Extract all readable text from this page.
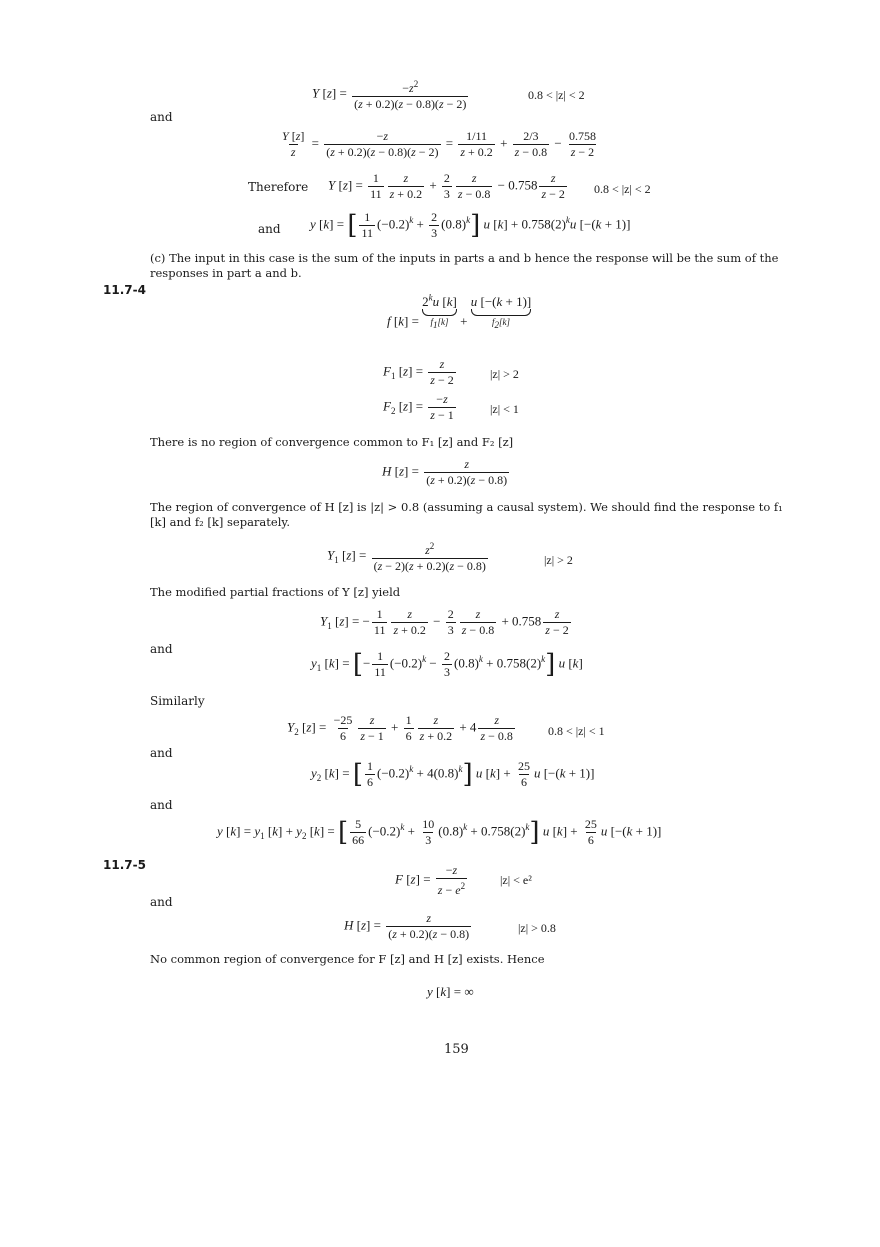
Y $[z] = \frac{-z^2}{(z + 0.2)(z - 0.8)(z - 2)}$	0.8 < |z| < 2
and
$\frac{Y [z]}{z} = \frac{-z}{(z + 0.2)(z - 0.8)(z - 2)} = \frac{1/11}{z + 0.2} + \frac{2/3}{z - 0.8} - \frac{0.758}{z - 2}$
Therefore Y $[z] = \frac{1}{11} \frac{z}{z + 0.2} + \frac{2}{3} \frac{z}{z - 0.8} - 0.758 \frac{z}{z - 2} 0.8 < |z| < 2$
and y [k] = [ $\frac{1}{11} (-0.2)^k + \frac{2}{3} (0.8)^k$] u $[k] + 0.758(2)^ku$ [−(k + 1)]
(c) The input in this case is the sum of the inputs in parts a and b hence the response will be the sum of the responses in part a and b.
11.7-4
f $[k] = 2^ku$ [k]
$f_1[k] + u$ [−(k + 1)]
$f_2[k]$
$F_1$ $[z] = \frac{z}{z - 2}$	|z| > 2
$F_2$ $[z] = \frac{-z}{z - 1}$	|z| < 1
There is no region of convergence common to F₁ [z] and F₂ [z]
H $[z] = \frac{z}{(z + 0.2)(z - 0.8)}$
The region of convergence of H [z] is |z| > 0.8 (assuming a causal system). We should find the response to f₁ [k] and f₂ [k] separately.
$Y_1$ $[z] = \frac{z^2}{(z - 2)(z + 0.2)(z - 0.8)}$	|z| > 2
The modified partial fractions of Y [z] yield
$Y_1$ [z] = − $\frac{1}{11} \frac{z}{z + 0.2} - \frac{2}{3} \frac{z}{z - 0.8} + 0.758 \frac{z}{z - 2}$
and
$y_1$ [k] = [− $\frac{1}{11} (-0.2)^k - \frac{2}{3} (0.8)^k + 0.758(2)^k$] u [k]
Similarly
$Y_2$ $[z] = \frac{-25}{6} \frac{z}{z - 1} + \frac{1}{6} \frac{z}{z + 0.2} + 4 \frac{z}{z - 0.8}$	0.8 < |z| < 1
and
$y_2$ [k] = [ $\frac{1}{6} (-0.2)^k + 4(0.8)^k$] u $[k] + \frac{25}{6}$ u [−(k + 1)]
and
y $[k] = y_1$ $[k] + y_2$ [k] = [ $\frac{5}{66} (-0.2)^k + \frac{10}{3} (0.8)^k + 0.758(2)^k$] u $[k] + \frac{25}{6}$ u [−(k + 1)]
11.7-5
F $[z] = \frac{-z}{z - e^2}$	|z| < e²
and
H $[z] = \frac{z}{(z + 0.2)(z - 0.8)}$	|z| > 0.8
No common region of convergence for F [z] and H [z] exists. Hence
y [k] = ∞
159
